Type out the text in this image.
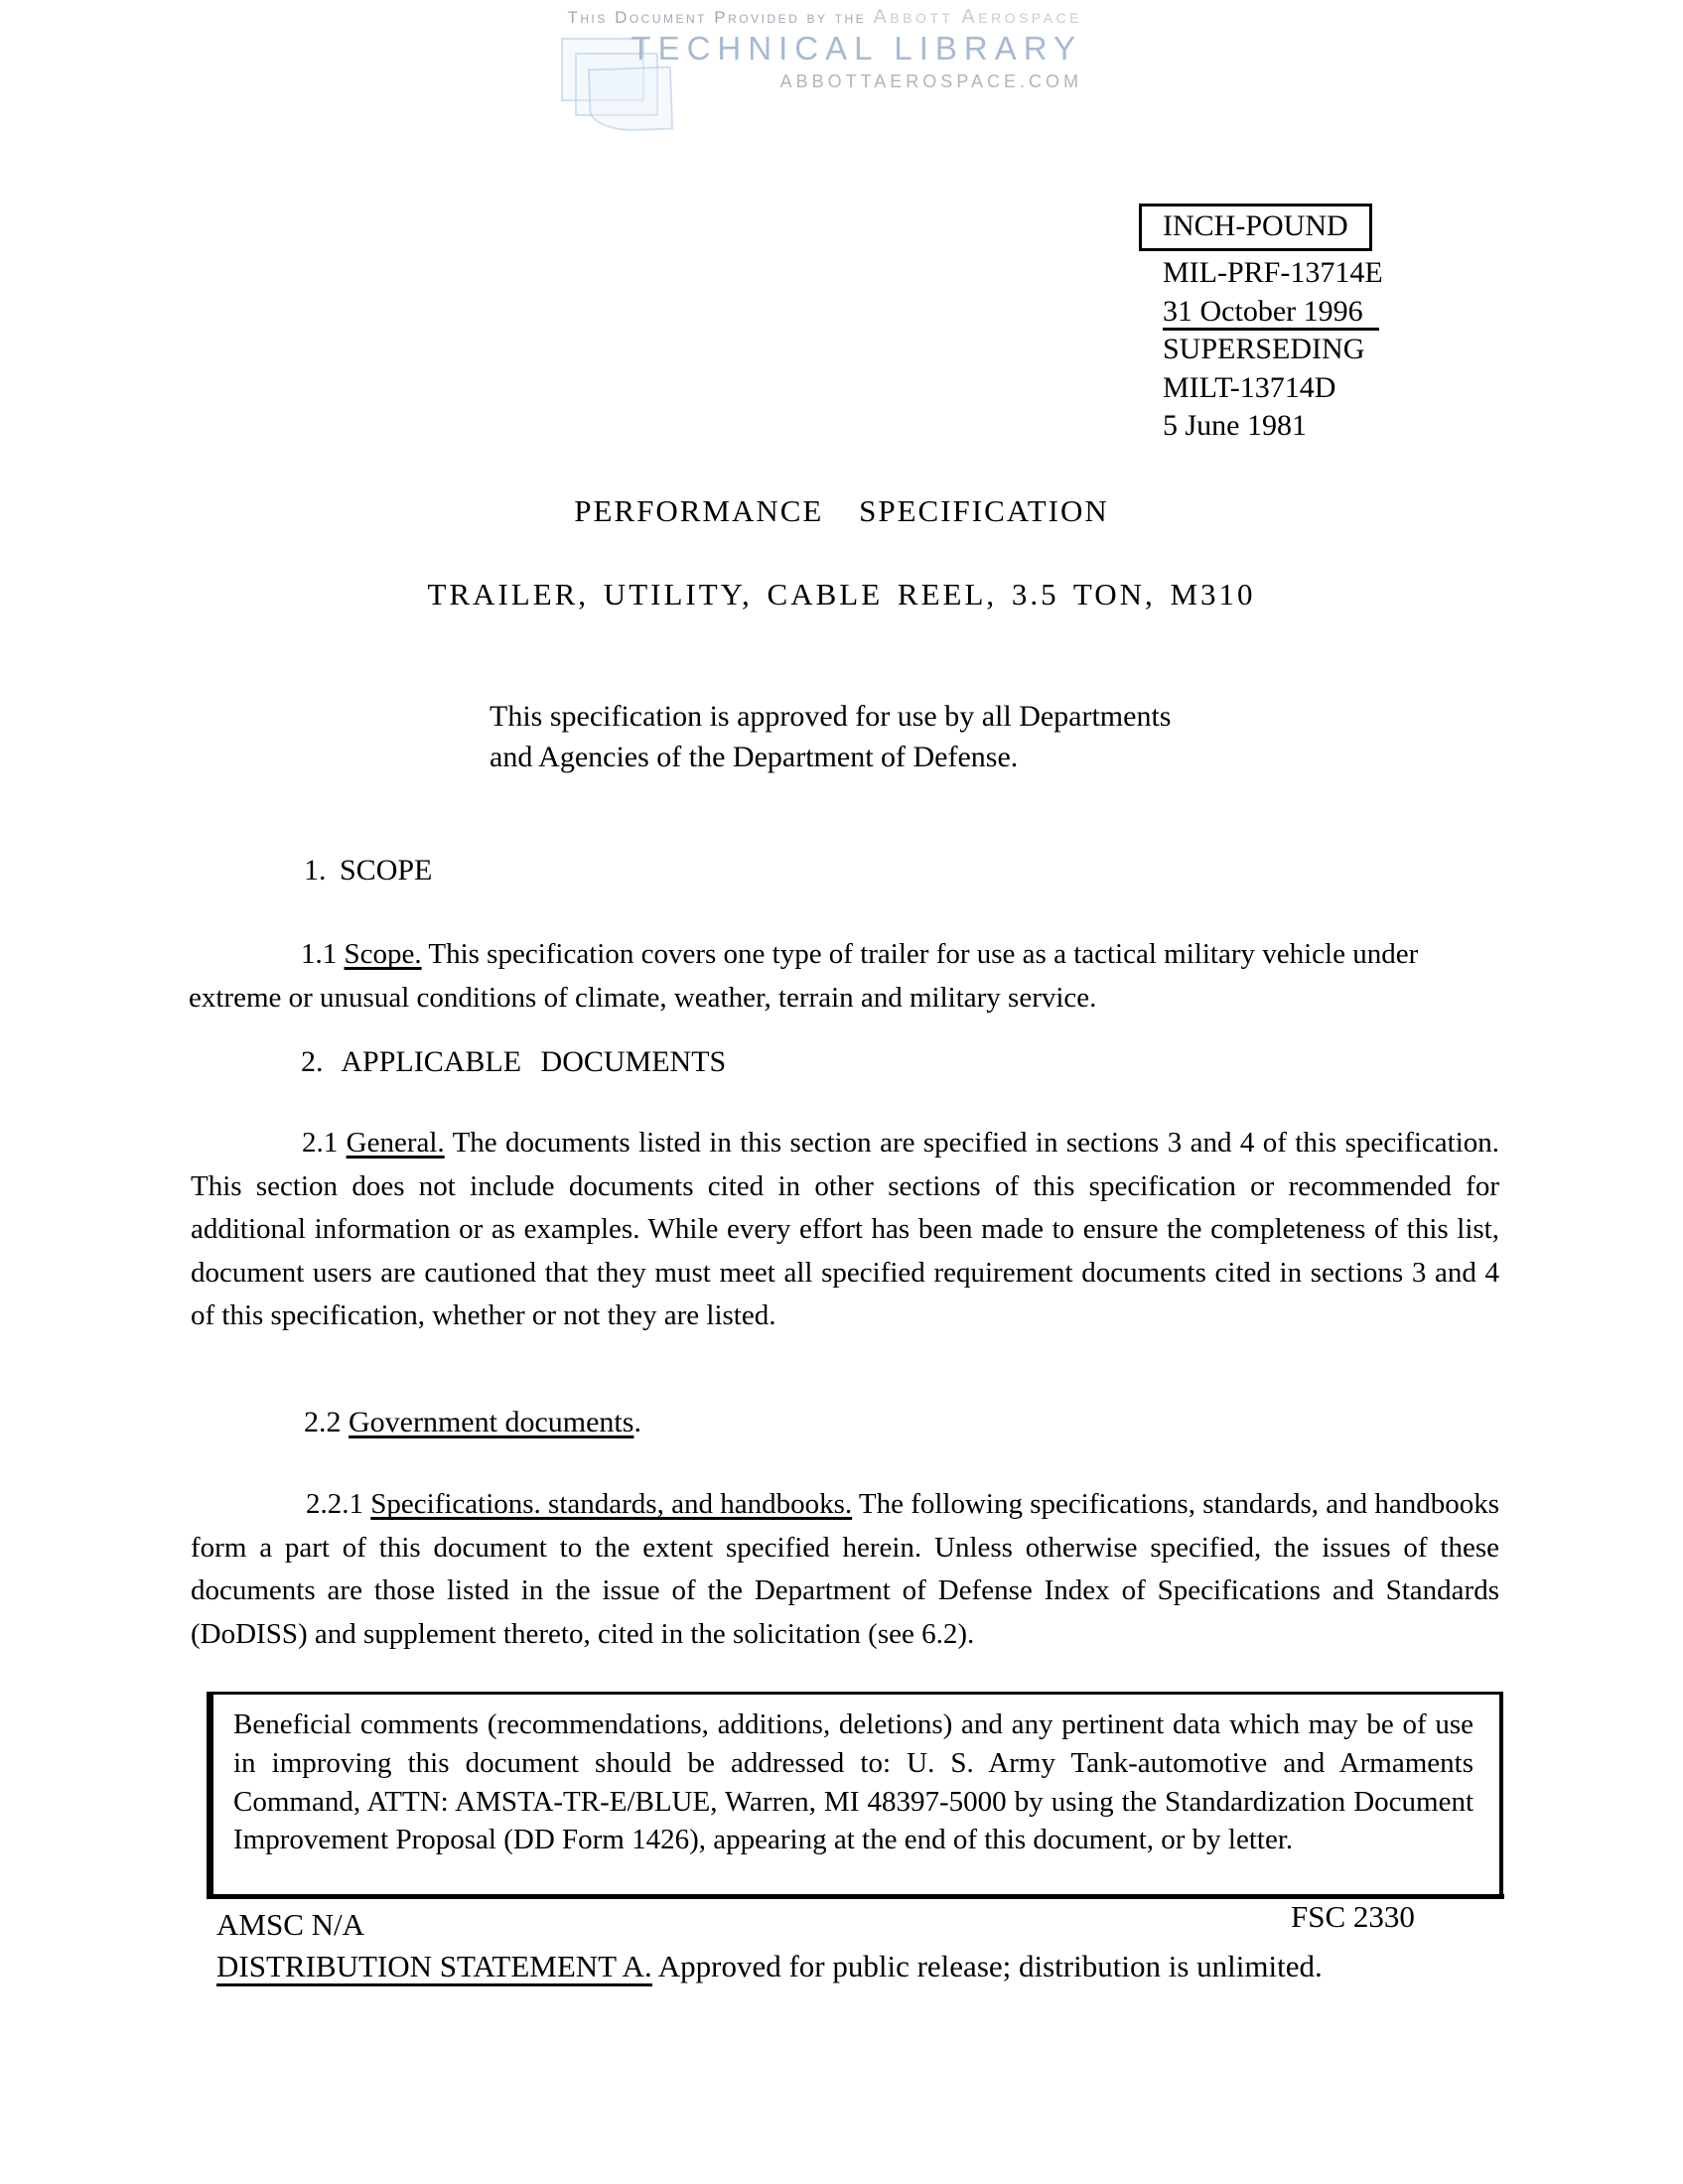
This Document Provided by the Abbott Aerospace
TECHNICAL LIBRARY
ABBOTTAEROSPACE.COM
INCH-POUND
MIL-PRF-13714E
31 October 1996
SUPERSEDING
MILT-13714D
5 June 1981
PERFORMANCE SPECIFICATION
TRAILER, UTILITY, CABLE REEL, 3.5 TON, M310
This specification is approved for use by all Departments
and Agencies of the Department of Defense.
1. SCOPE

1.1 Scope. This specification covers one type of trailer for use as a tactical military vehicle under extreme or unusual conditions of climate, weather, terrain and military service.

2. APPLICABLE DOCUMENTS

2.1 General. The documents listed in this section are specified in sections 3 and 4 of this specification. This section does not include documents cited in other sections of this specification or recommended for additional information or as examples. While every effort has been made to ensure the completeness of this list, document users are cautioned that they must meet all specified requirement documents cited in sections 3 and 4 of this specification, whether or not they are listed.

2.2 Government documents.

2.2.1 Specifications. standards, and handbooks. The following specifications, standards, and handbooks form a part of this document to the extent specified herein. Unless otherwise specified, the issues of these documents are those listed in the issue of the Department of Defense Index of Specifications and Standards (DoDISS) and supplement thereto, cited in the solicitation (see 6.2).

Beneficial comments (recommendations, additions, deletions) and any pertinent data which may be of use in improving this document should be addressed to: U. S. Army Tank-automotive and Armaments Command, ATTN: AMSTA-TR-E/BLUE, Warren, MI 48397-5000 by using the Standardization Document Improvement Proposal (DD Form 1426), appearing at the end of this document, or by letter.

FSC 2330
AMSC N/A
DISTRIBUTION STATEMENT A. Approved for public release; distribution is unlimited.
